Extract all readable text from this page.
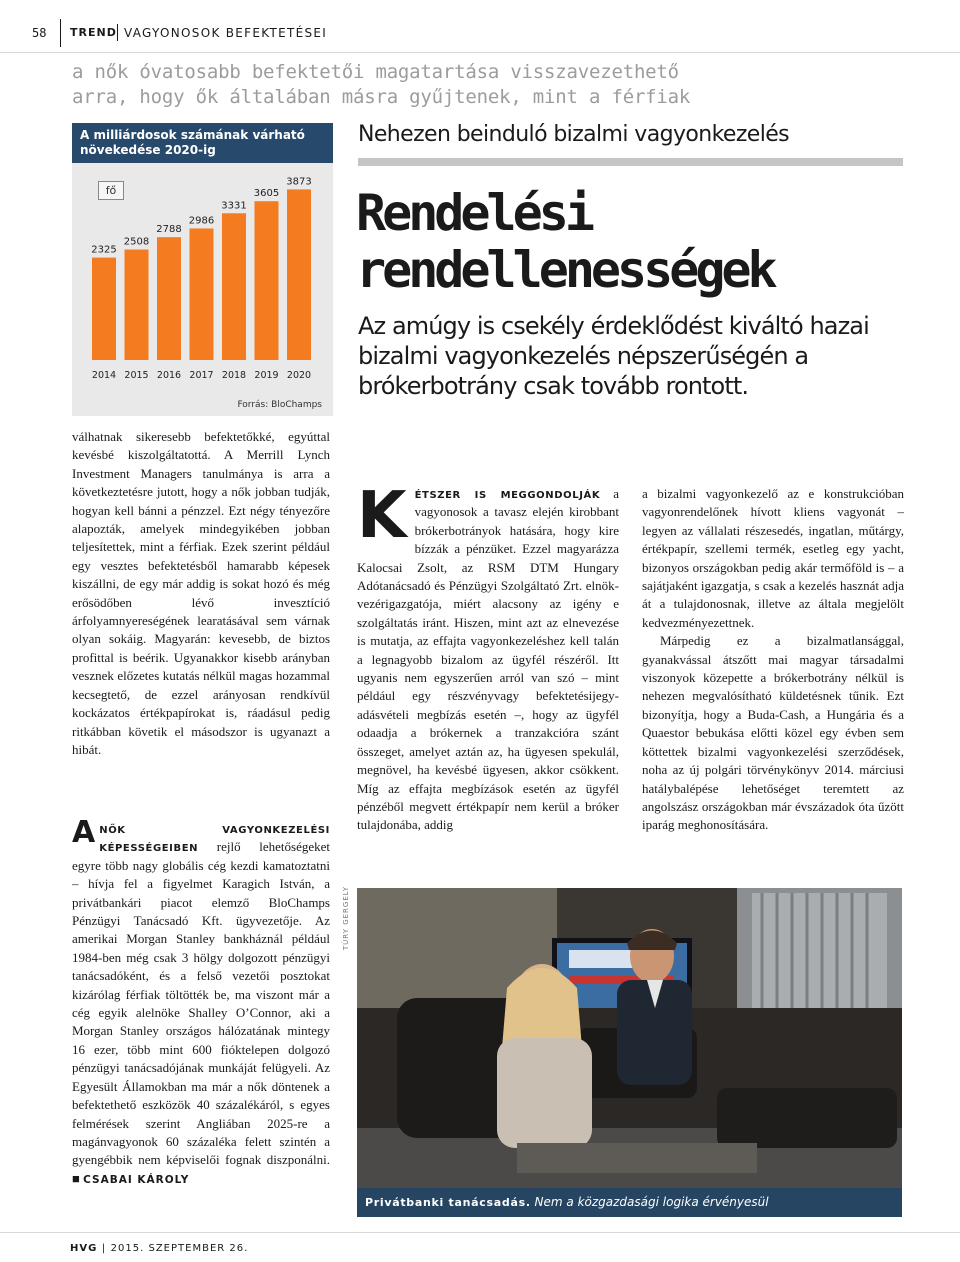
58 TREND VAGYONOSOK BEFEKTETÉSEI
a nők óvatosabb befektetői magatartása visszavezethető arra, hogy ők általában másra gyűjtenek, mint a férfiak
A milliárdosok számának várható növekedése 2020-ig
2325
2014
2508
2015
2788
2016
2986
2017
3331
2018
3605
2019
3873
2020
fő
Forrás: BloChamps
Nehezen beinduló bizalmi vagyonkezelés
Rendelési
rendellenességek
Az amúgy is csekély érdeklődést kiváltó hazai bizalmi vagyonkezelés népszerűségén a brókerbotrány csak tovább rontott.

válhatnak sikeresebb befektetőkké, egyúttal kevésbé kiszolgáltatottá. A Merrill Lynch Investment Managers tanulmánya is arra a következtetésre jutott, hogy a nők jobban tudják, hogyan kell bánni a pénzzel. Ezt négy tényezőre alapozták, amelyek mindegyikében jobban teljesítettek, mint a férfiak. Ezek szerint például egy vesztes befektetésből hamarabb képesek kiszállni, de egy már addig is sokat hozó és még erősödőben lévő invesztíció árfolyamnyereségének learatásával sem várnak olyan sokáig. Magyarán: kevesebb, de biztos profittal is beérik. Ugyanakkor kisebb arányban vesznek előzetes kutatás nélkül magas hozammal kecsegtető, de ezzel arányosan rendkívül kockázatos értékpapírokat is, ráadásul pedig ritkábban követik el másodszor is ugyanazt a hibát.

ANŐK VAGYONKEZELÉSI KÉPESSÉGEIBEN rejlő lehetőségeket egyre több nagy globális cég kezdi kamatoztatni – hívja fel a figyelmet Karagich István, a privátbankári piacot elemző BloChamps Pénzügyi Tanácsadó Kft. ügyvezetője. Az amerikai Morgan Stanley bankháznál például 1984-ben még csak 3 hölgy dolgozott pénzügyi tanácsadóként, és a felső vezetői posztokat kizárólag férfiak töltötték be, ma viszont már a cég egyik alelnöke Shalley O’Connor, aki a Morgan Stanley országos hálózatának mintegy 16 ezer, több mint 600 fióktelepen dolgozó pénzügyi tanácsadójának munkáját felügyeli. Az Egyesült Államokban ma már a nők döntenek a befektethető eszközök 40 százalékáról, s egyes felmérések szerint Angliában 2025-re a magánvagyonok 60 százaléka felett szintén a gyengébbik nem képviselői fognak diszponálni. ■ CSABAI KÁROLY

KÉTSZER IS MEGGONDOLJÁK a vagyonosok a tavasz elején kirobbant brókerbotrányok hatására, hogy kire bízzák a pénzüket. Ezzel magyarázza Kalocsai Zsolt, az RSM DTM Hungary Adótanácsadó és Pénzügyi Szolgáltató Zrt. elnök-vezérigazgatója, miért alacsony az igény e szolgáltatás iránt. Hiszen, mint azt az elnevezése is mutatja, az effajta vagyonkezeléshez kell talán a legnagyobb bizalom az ügyfél részéről. Itt ugyanis nem egyszerűen arról van szó – mint például egy részvényvagy befektetésijegy-adásvételi megbízás esetén –, hogy az ügyfél odaadja a brókernek a tranzakcióra szánt összeget, amelyet aztán az, ha ügyesen spekulál, megnövel, ha kevésbé ügyesen, akkor csökkent. Míg az effajta megbízások esetén az ügyfél pénzéből megvett értékpapír nem kerül a bróker tulajdonába, addig

a bizalmi vagyonkezelő az e konstrukcióban vagyonrendelőnek hívott kliens vagyonát – legyen az vállalati részesedés, ingatlan, műtárgy, értékpapír, szellemi termék, esetleg egy yacht, bizonyos országokban pedig akár termőföld is – a sajátjaként igazgatja, s csak a kezelés hasznát adja át a tulajdonosnak, illetve az általa megjelölt kedvezményezettnek.

Márpedig ez a bizalmatlansággal, gyanakvással átszőtt mai magyar társadalmi viszonyok közepette a brókerbotrány nélkül is nehezen megvalósítható küldetésnek tűnik. Ezt bizonyítja, hogy a Buda-Cash, a Hungária és a Quaestor bebukása előtti közel egy évben sem köttettek bizalmi vagyonkezelési szerződések, noha az új polgári törvénykönyv 2014. márciusi hatálybalépése lehetőséget teremtett az angolszász országokban már évszázadok óta űzött iparág meghonosítására.

TÚRY GERGELY
Privátbanki tanácsadás. Nem a közgazdasági logika érvényesül
HVG | 2015. SZEPTEMBER 26.
